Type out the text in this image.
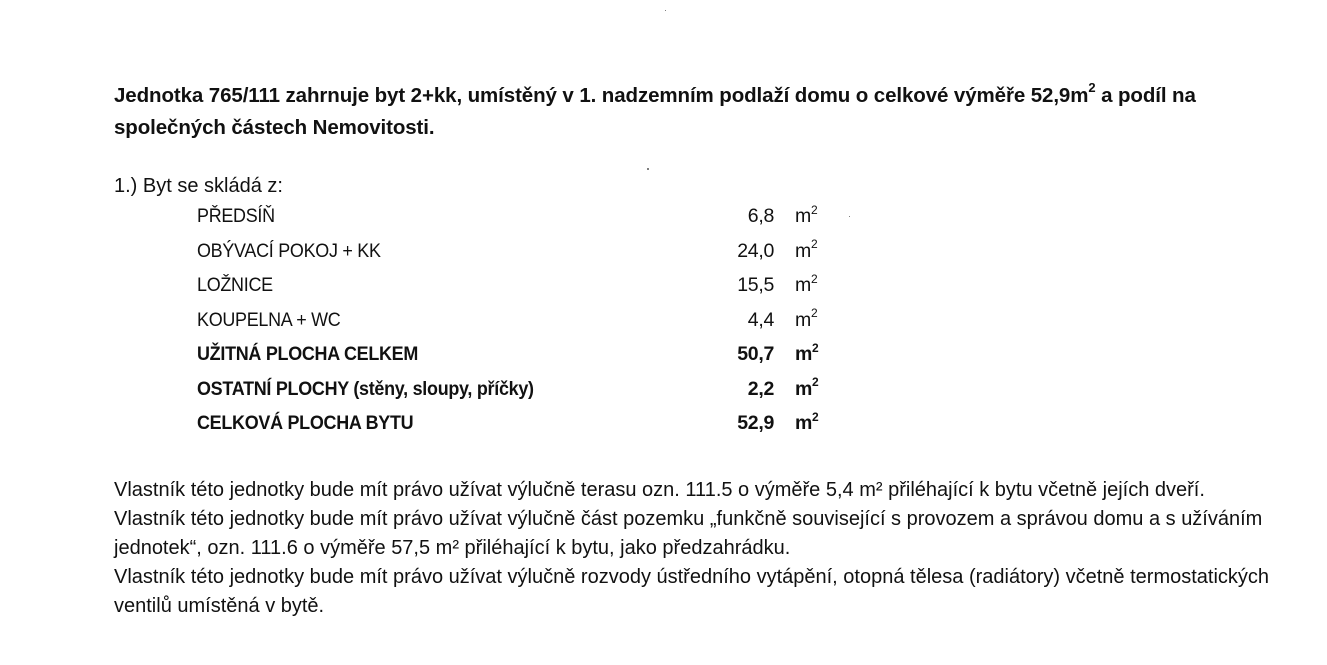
Jednotka 765/111 zahrnuje byt 2+kk, umístěný v 1. nadzemním podlaží domu o celkové výměře $52,9m^2$ a podíl na společných částech Nemovitosti.

1.) Byt se skládá z:

PŘEDSÍŇ	6,8 $m^2$
OBÝVACÍ POKOJ + KK	24,0 $m^2$
LOŽNICE	15,5 $m^2$
KOUPELNA + WC	4,4 $m^2$
UŽITNÁ PLOCHA CELKEM	50,7 $m^2$
OSTATNÍ PLOCHY (stěny, sloupy, příčky)	2,2 $m^2$
CELKOVÁ PLOCHA BYTU	52,9 $m^2$

Vlastník této jednotky bude mít právo užívat výlučně terasu ozn. 111.5 o výměře 5,4 m² přiléhající k bytu včetně jejích dveří.

Vlastník této jednotky bude mít právo užívat výlučně část pozemku „funkčně související s provozem a správou domu a s užíváním jednotek“, ozn. 111.6 o výměře 57,5 m² přiléhající k bytu, jako předzahrádku.

Vlastník této jednotky bude mít právo užívat výlučně rozvody ústředního vytápění, otopná tělesa (radiátory) včetně termostatických ventilů umístěná v bytě.
